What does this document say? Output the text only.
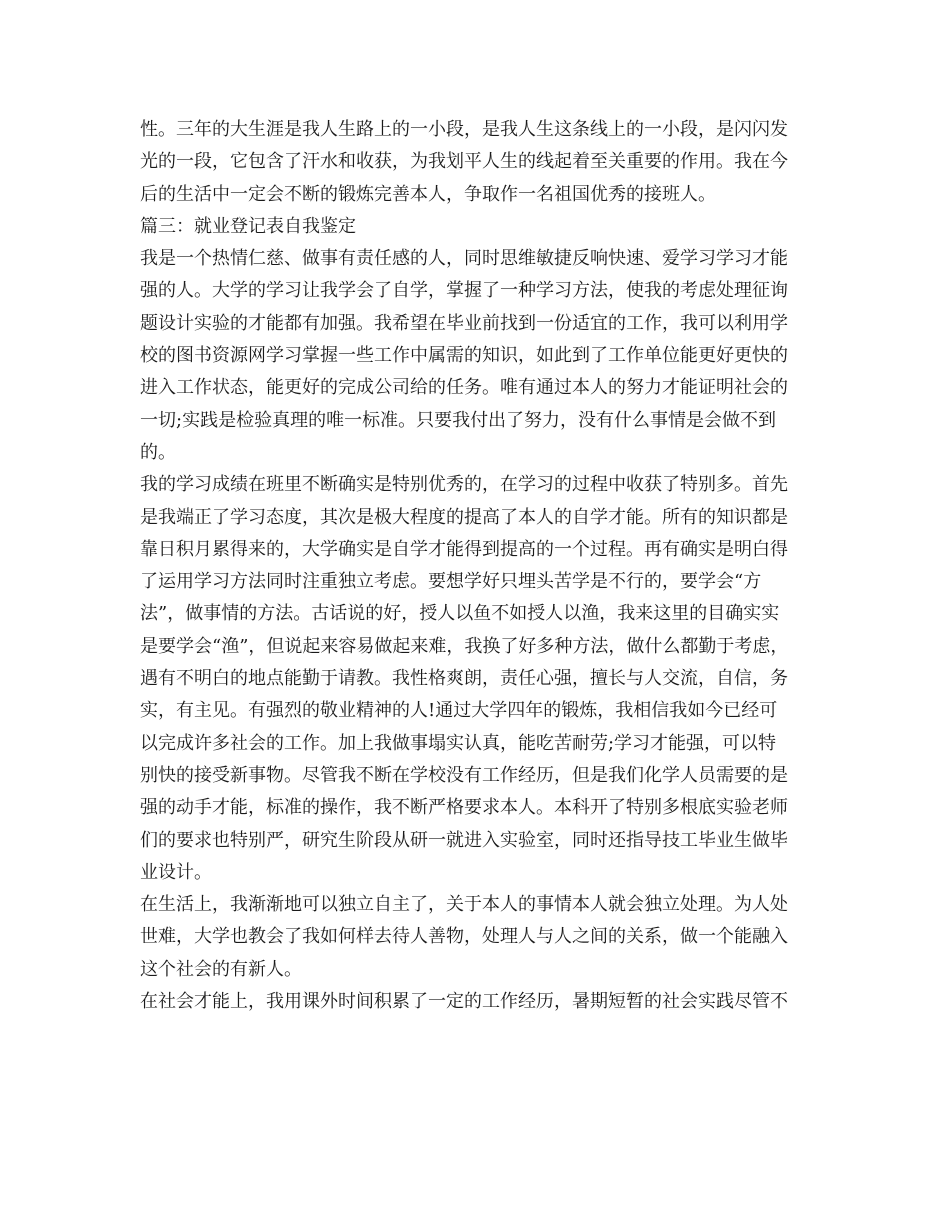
性。三年的大生涯是我人生路上的一小段，是我人生这条线上的一小段，是闪闪发
光的一段，它包含了汗水和收获，为我划平人生的线起着至关重要的作用。我在今
后的生活中一定会不断的锻炼完善本人，争取作一名祖国优秀的接班人。
篇三：就业登记表自我鉴定
我是一个热情仁慈、做事有责任感的人，同时思维敏捷反响快速、爱学习学习才能
强的人。大学的学习让我学会了自学，掌握了一种学习方法，使我的考虑处理征询
题设计实验的才能都有加强。我希望在毕业前找到一份适宜的工作，我可以利用学
校的图书资源网学习掌握一些工作中属需的知识，如此到了工作单位能更好更快的
进入工作状态，能更好的完成公司给的任务。唯有通过本人的努力才能证明社会的
一切;实践是检验真理的唯一标准。只要我付出了努力，没有什么事情是会做不到
的。
我的学习成绩在班里不断确实是特别优秀的，在学习的过程中收获了特别多。首先
是我端正了学习态度，其次是极大程度的提高了本人的自学才能。所有的知识都是
靠日积月累得来的，大学确实是自学才能得到提高的一个过程。再有确实是明白得
了运用学习方法同时注重独立考虑。要想学好只埋头苦学是不行的，要学会“方
法”，做事情的方法。古话说的好，授人以鱼不如授人以渔，我来这里的目确实实
是要学会“渔”，但说起来容易做起来难，我换了好多种方法，做什么都勤于考虑，
遇有不明白的地点能勤于请教。我性格爽朗，责任心强，擅长与人交流，自信，务
实，有主见。有强烈的敬业精神的人!通过大学四年的锻炼，我相信我如今已经可
以完成许多社会的工作。加上我做事塌实认真，能吃苦耐劳;学习才能强，可以特
别快的接受新事物。尽管我不断在学校没有工作经历，但是我们化学人员需要的是
强的动手才能，标准的操作，我不断严格要求本人。本科开了特别多根底实验老师
们的要求也特别严，研究生阶段从研一就进入实验室，同时还指导技工毕业生做毕
业设计。
在生活上，我渐渐地可以独立自主了，关于本人的事情本人就会独立处理。为人处
世难，大学也教会了我如何样去待人善物，处理人与人之间的关系，做一个能融入
这个社会的有新人。
在社会才能上，我用课外时间积累了一定的工作经历，暑期短暂的社会实践尽管不
